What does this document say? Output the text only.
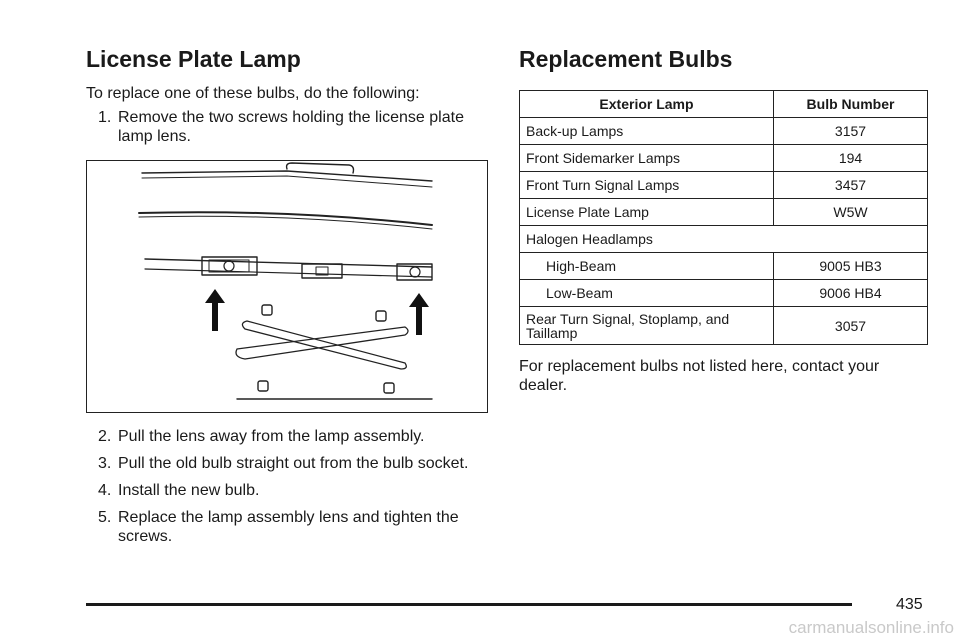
License Plate Lamp

To replace one of these bulbs, do the following:

1. Remove the two screws holding the license plate lamp lens.
2. Pull the lens away from the lamp assembly.
3. Pull the old bulb straight out from the bulb socket.
4. Install the new bulb.
5. Replace the lamp assembly lens and tighten the screws.
Replacement Bulbs
Exterior Lamp	Bulb Number
Back-up Lamps	3157
Front Sidemarker Lamps	194
Front Turn Signal Lamps	3457
License Plate Lamp	W5W
Halogen Headlamps	
High-Beam	9005 HB3
Low-Beam	9006 HB4
Rear Turn Signal, Stoplamp, and Taillamp	3057

For replacement bulbs not listed here, contact your dealer.

435
carmanualsonline.info
